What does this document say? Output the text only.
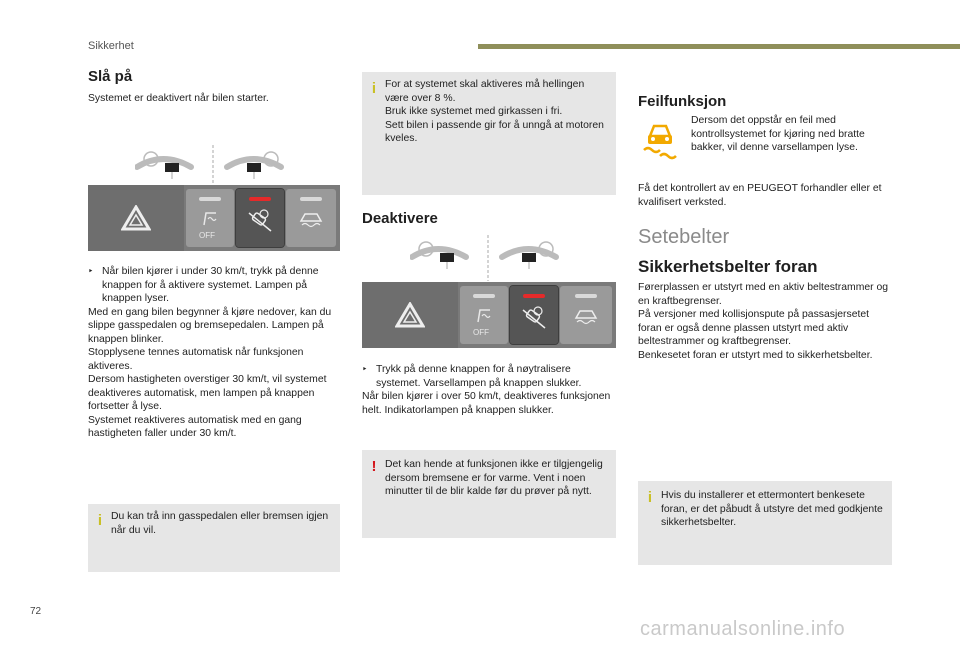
Sikkerhet
Slå på

Systemet er deaktivert når bilen starter.

OFF
‣ Når bilen kjører i under 30 km/t, trykk på denne knappen for å aktivere systemet. Lampen på knappen lyser.

Med en gang bilen begynner å kjøre nedover, kan du slippe gasspedalen og bremsepedalen. Lampen på knappen blinker.

Stopplysene tennes automatisk når funksjonen aktiveres.

Dersom hastigheten overstiger 30 km/t, vil systemet deaktiveres automatisk, men lampen på knappen fortsetter å lyse.

Systemet reaktiveres automatisk med en gang hastigheten faller under 30 km/t.

i Du kan trå inn gasspedalen eller bremsen igjen når du vil.
i For at systemet skal aktiveres må hellingen være over 8 %.

Bruk ikke systemet med girkassen i fri.

Sett bilen i passende gir for å unngå at motoren kveles.

Deaktivere
OFF
‣ Trykk på denne knappen for å nøytralisere systemet. Varsellampen på knappen slukker.

Når bilen kjører i over 50 km/t, deaktiveres funksjonen helt. Indikatorlampen på knappen slukker.

! Det kan hende at funksjonen ikke er tilgjengelig dersom bremsene er for varme. Vent i noen minutter til de blir kalde før du prøver på nytt.
Feilfunksjon

Dersom det oppstår en feil med kontrollsystemet for kjøring ned bratte bakker, vil denne varsellampen lyse.

Få det kontrollert av en PEUGEOT forhandler eller et kvalifisert verksted.

Setebelter
Sikkerhetsbelter foran

Førerplassen er utstyrt med en aktiv beltestrammer og en kraftbegrenser.

På versjoner med kollisjonspute på passasjersetet foran er også denne plassen utstyrt med aktiv beltestrammer og kraftbegrenser.

Benkesetet foran er utstyrt med to sikkerhetsbelter.

i Hvis du installerer et ettermontert benkesete foran, er det påbudt å utstyre det med godkjente sikkerhetsbelter.
72
carmanualsonline.info
